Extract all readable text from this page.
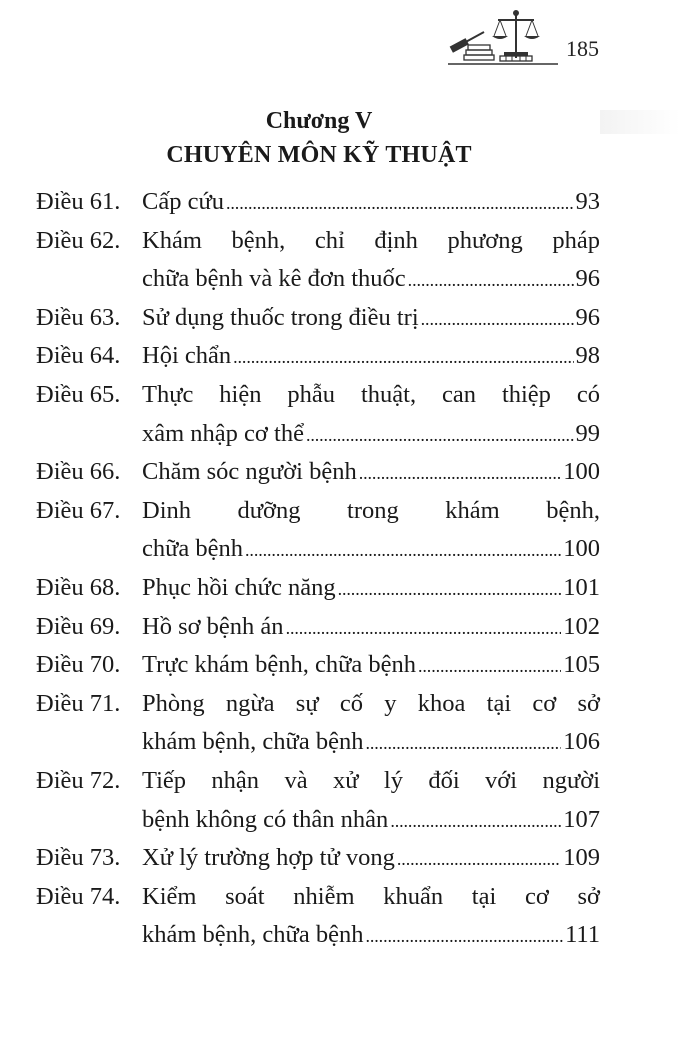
185
Chương V
CHUYÊN MÔN KỸ THUẬT
Điều 61. Cấp cứu . . .	93
Điều 62. Khám bệnh, chỉ định phương pháp
chữa bệnh và kê đơn thuốc . . .	96
Điều 63. Sử dụng thuốc trong điều trị . . .	96
Điều 64. Hội chẩn . . .	98
Điều 65. Thực hiện phẫu thuật, can thiệp có
xâm nhập cơ thể . . .	99
Điều 66. Chăm sóc người bệnh . . .	100
Điều 67. Dinh dưỡng trong khám bệnh,
chữa bệnh . . .	100
Điều 68. Phục hồi chức năng . . .	101
Điều 69. Hồ sơ bệnh án . . .	102
Điều 70. Trực khám bệnh, chữa bệnh . . .	105
Điều 71. Phòng ngừa sự cố y khoa tại cơ sở
khám bệnh, chữa bệnh . . .	106
Điều 72. Tiếp nhận và xử lý đối với người
bệnh không có thân nhân . . .	107
Điều 73. Xử lý trường hợp tử vong . . .	109
Điều 74. Kiểm soát nhiễm khuẩn tại cơ sở
khám bệnh, chữa bệnh . . .	111
